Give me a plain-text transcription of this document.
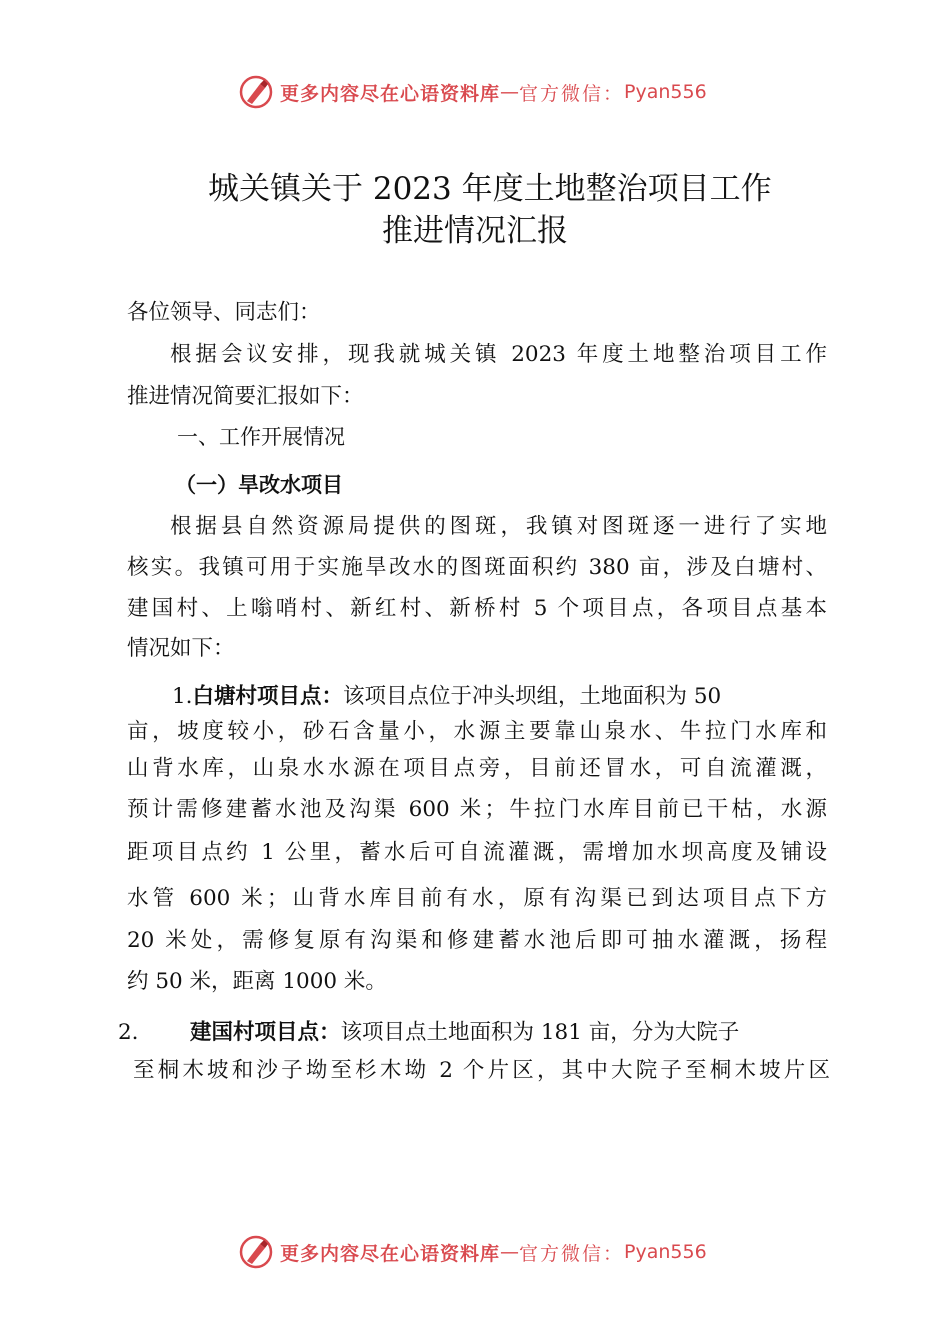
更多内容尽在心语资料库 — 官方微信： Pyan556
城关镇关于 2023 年度土地整治项目工作
推进情况汇报
各位领导、同志们：
根据会议安排，现我就城关镇 2023 年度土地整治项目工作
推进情况简要汇报如下：
一、工作开展情况
（一）旱改水项目
根据县自然资源局提供的图斑，我镇对图斑逐一进行了实地
核实。我镇可用于实施旱改水的图斑面积约 380 亩，涉及白塘村、
建国村、上嗡哨村、新红村、新桥村 5 个项目点，各项目点基本
情况如下：
1.白塘村项目点：该项目点位于冲头坝组，土地面积为 50
亩，坡度较小，砂石含量小，水源主要靠山泉水、牛拉门水库和
山背水库，山泉水水源在项目点旁，目前还冒水，可自流灌溉，
预计需修建蓄水池及沟渠 600 米；牛拉门水库目前已干枯，水源
距项目点约 1 公里，蓄水后可自流灌溉，需增加水坝高度及铺设
水管 600 米；山背水库目前有水，原有沟渠已到达项目点下方
20 米处，需修复原有沟渠和修建蓄水池后即可抽水灌溉，扬程
约 50 米，距离 1000 米。
2. 建国村项目点：该项目点土地面积为 181 亩，分为大院子
至桐木坡和沙子坳至杉木坳 2 个片区，其中大院子至桐木坡片区
更多内容尽在心语资料库 — 官方微信： Pyan556
